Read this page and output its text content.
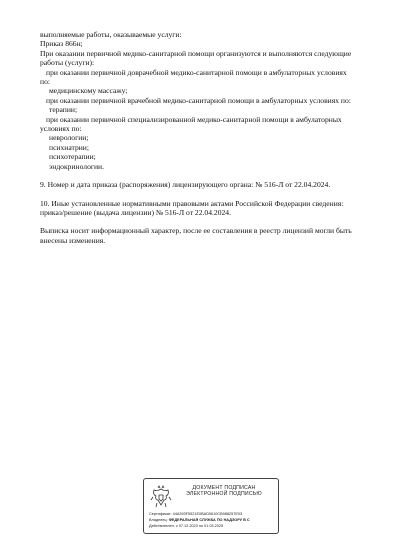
выполняемые работы, оказываемые услуги:
Приказ 866н;
При оказании первичной медико-санитарной помощи организуются и выполняются следующие
работы (услуги):
при оказании первичной доврачебной медико-санитарной помощи в амбулаторных условиях
по:
медицинскому массажу;
при оказании первичной врачебной медико-санитарной помощи в амбулаторных условиях по:
терапии;
при оказании первичной специализированной медико-санитарной помощи в амбулаторных
условиях по:
неврологии;
психиатрии;
психотерапии;
эндокринологии.
9. Номер и дата приказа (распоряжения) лицензирующего органа: № 516-Л от 22.04.2024.
10. Иные установленные нормативными правовыми актами Российской Федерации сведения:
приказ/решение (выдача лицензии) № 516-Л от 22.04.2024.
Выписка носит информационный характер, после ее составления в реестр лицензий могли быть
внесены изменения.
ДОКУМЕНТ ПОДПИСАН
ЭЛЕКТРОННОЙ ПОДПИСЬЮ
Сертификат: 44A393F5521E0BAD0610CB988257E03
Владелец: ФЕДЕРАЛЬНАЯ СЛУЖБА ПО НАДЗОРУ В С
Действителен: с 07.12.2023 по 01.03.2025
